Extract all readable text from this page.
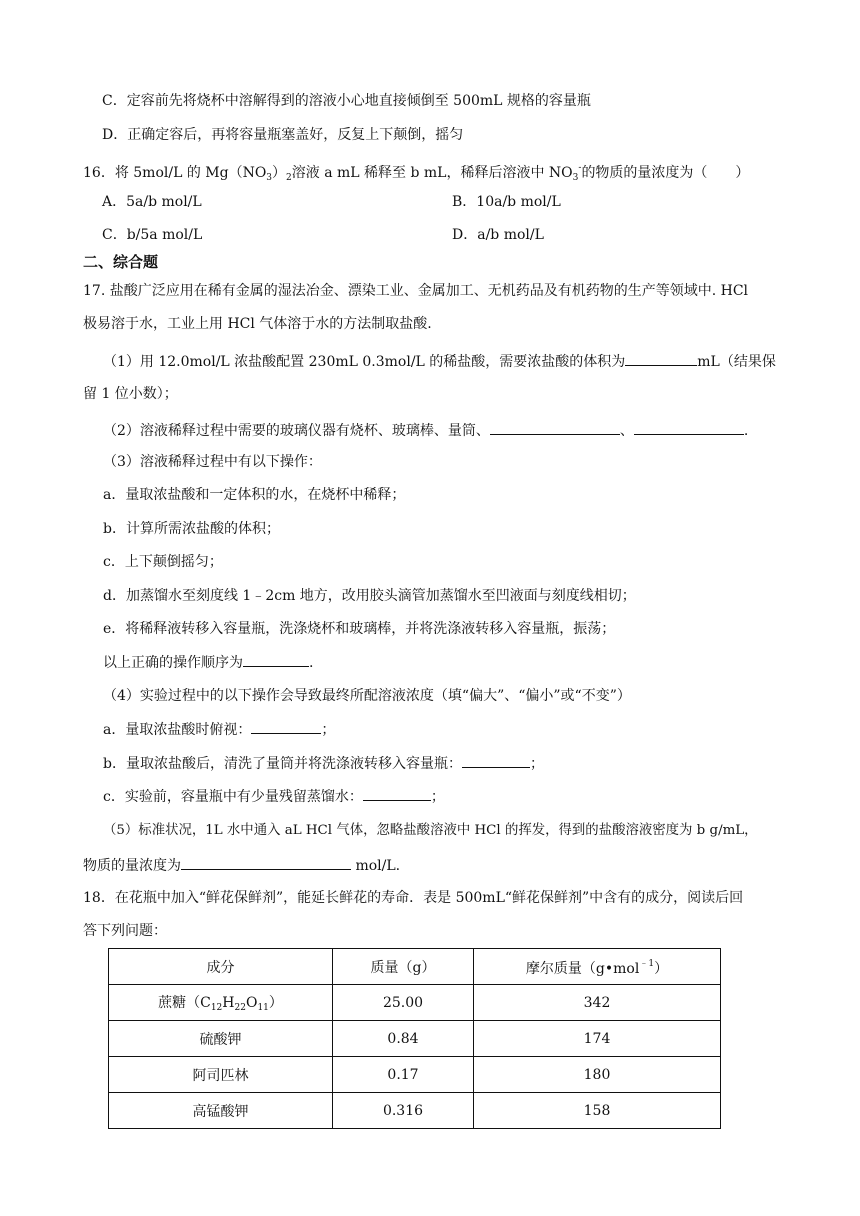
C．定容前先将烧杯中溶解得到的溶液小心地直接倾倒至 500mL 规格的容量瓶
D．正确定容后，再将容量瓶塞盖好，反复上下颠倒，摇匀
16．将 5mol/L 的 $Mg(NO_3)_2$溶液 a mL 稀释至 b mL，稀释后溶液中 $NO_3^-$的物质的量浓度为（　　）
A．5a/b mol/L	B．10a/b mol/L
C．b/5a mol/L	D．a/b mol/L
二、综合题
17. 盐酸广泛应用在稀有金属的湿法冶金、漂染工业、金属加工、无机药品及有机药物的生产等领域中. HCl
极易溶于水，工业上用 HCl 气体溶于水的方法制取盐酸.
（1）用 12.0mol/L 浓盐酸配置 230mL 0.3mol/L 的稀盐酸，需要浓盐酸的体积为	mL（结果保
留 1 位小数）；
（2）溶液稀释过程中需要的玻璃仪器有烧杯、玻璃棒、量筒、	、	.
（3）溶液稀释过程中有以下操作：
a．量取浓盐酸和一定体积的水，在烧杯中稀释；
b．计算所需浓盐酸的体积；
c．上下颠倒摇匀；
d．加蒸馏水至刻度线 1﹣2cm 地方，改用胶头滴管加蒸馏水至凹液面与刻度线相切；
e．将稀释液转移入容量瓶，洗涤烧杯和玻璃棒，并将洗涤液转移入容量瓶，振荡；
以上正确的操作顺序为	.
（4）实验过程中的以下操作会导致最终所配溶液浓度（填“偏大”、“偏小”或“不变”）
a．量取浓盐酸时俯视：	；
b．量取浓盐酸后，清洗了量筒并将洗涤液转移入容量瓶：	；
c．实验前，容量瓶中有少量残留蒸馏水：	；
（5）标准状况，1L 水中通入 aL HCl 气体，忽略盐酸溶液中 HCl 的挥发，得到的盐酸溶液密度为 b g/mL，
物质的量浓度为	mol/L.
18．在花瓶中加入“鲜花保鲜剂”，能延长鲜花的寿命．表是 500mL“鲜花保鲜剂”中含有的成分，阅读后回
答下列问题：
成分	质量（g）	摩尔质量（g•mol$^{﹣1}$）
蔗糖$(C_{12}H_{22}O_{11})$	25.00	342
硫酸钾	0.84	174
阿司匹林	0.17	180
高锰酸钾	0.316	158
